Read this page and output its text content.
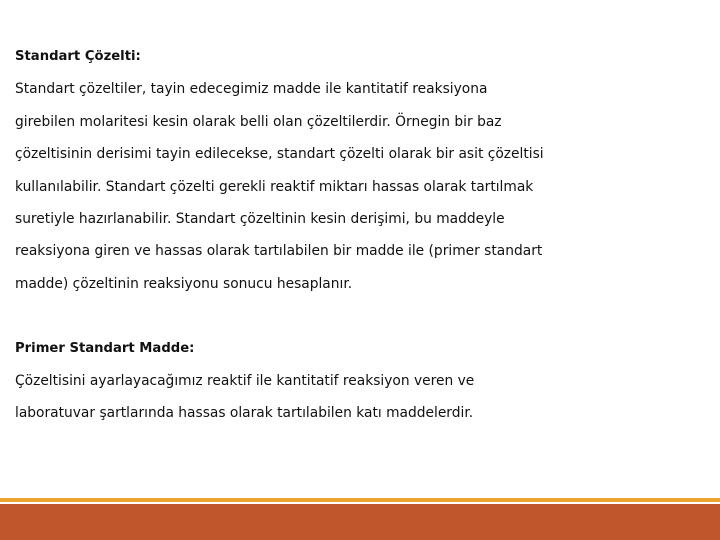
Standart Çözelti:
Standart çözeltiler, tayin edecegimiz madde ile kantitatif reaksiyona
girebilen molaritesi kesin olarak belli olan çözeltilerdir. Örnegin bir baz
çözeltisinin derisimi tayin edilecekse, standart çözelti olarak bir asit çözeltisi
kullanılabilir. Standart çözelti gerekli reaktif miktarı hassas olarak tartılmak
suretiyle hazırlanabilir. Standart çözeltinin kesin derişimi, bu maddeyle
reaksiyona giren ve hassas olarak tartılabilen bir madde ile (primer standart
madde) çözeltinin reaksiyonu sonucu hesaplanır.
Primer Standart Madde:
Çözeltisini ayarlayacağımız reaktif ile kantitatif reaksiyon veren ve
laboratuvar şartlarında hassas olarak tartılabilen katı maddelerdir.
